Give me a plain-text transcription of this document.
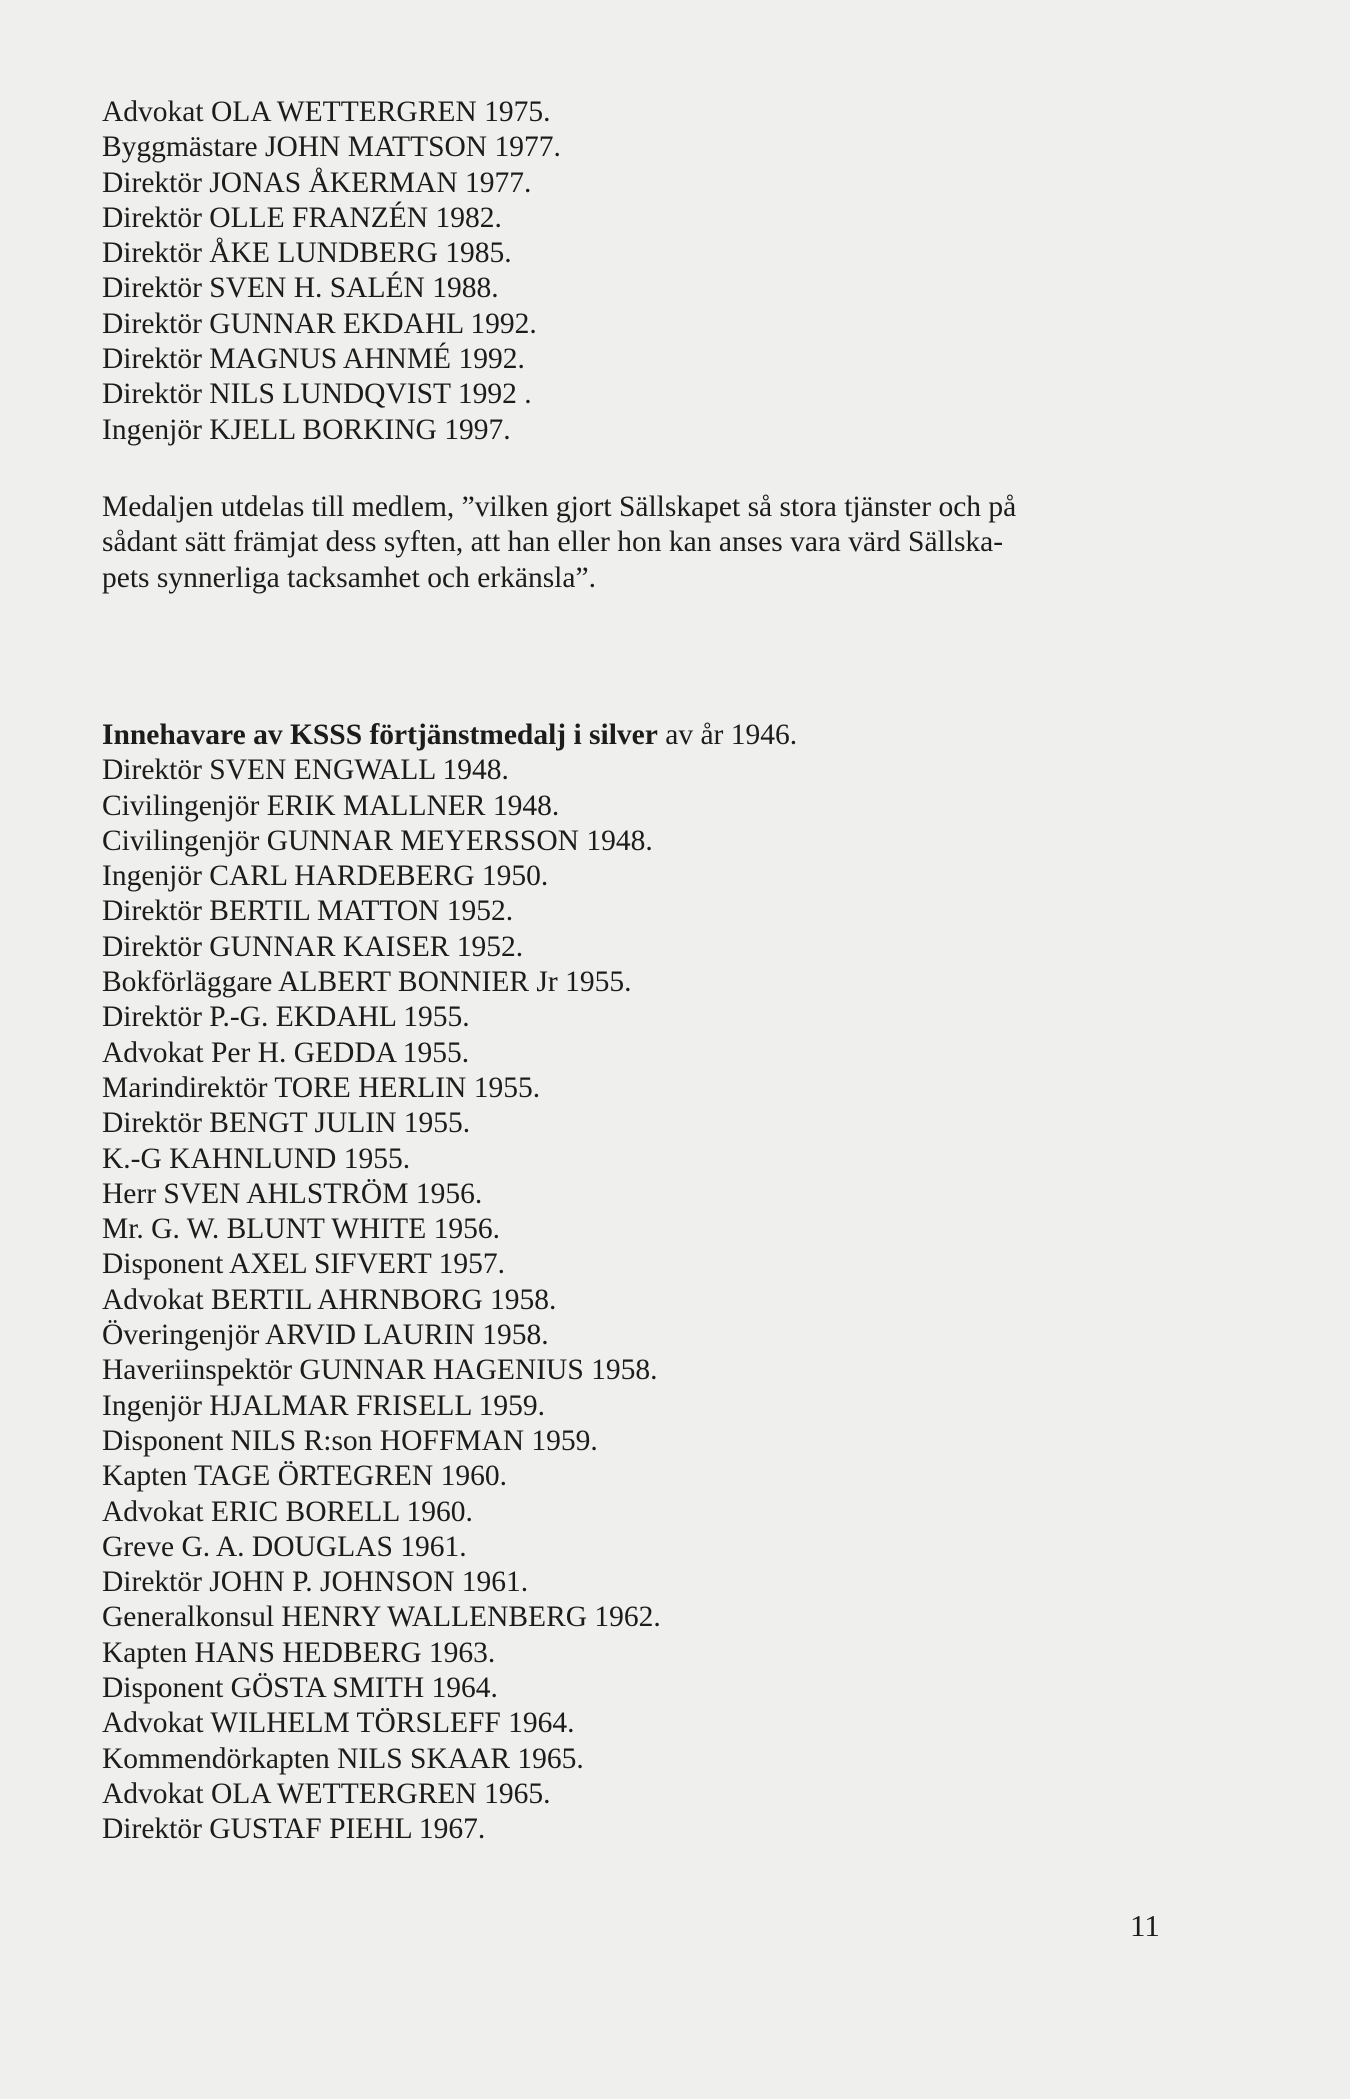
Advokat OLA WETTERGREN 1975.
Byggmästare JOHN MATTSON 1977.
Direktör JONAS ÅKERMAN 1977.
Direktör OLLE FRANZÉN 1982.
Direktör ÅKE LUNDBERG 1985.
Direktör SVEN H. SALÉN 1988.
Direktör GUNNAR EKDAHL 1992.
Direktör MAGNUS AHNMÉ 1992.
Direktör NILS LUNDQVIST 1992 .
Ingenjör KJELL BORKING 1997.
Medaljen utdelas till medlem, ”vilken gjort Sällskapet så stora tjänster och på
sådant sätt främjat dess syften, att han eller hon kan anses vara värd Sällska-
pets synnerliga tacksamhet och erkänsla”.
Innehavare av KSSS förtjänstmedalj i silver av år 1946.
Direktör SVEN ENGWALL 1948.
Civilingenjör ERIK MALLNER 1948.
Civilingenjör GUNNAR MEYERSSON 1948.
Ingenjör CARL HARDEBERG 1950.
Direktör BERTIL MATTON 1952.
Direktör GUNNAR KAISER 1952.
Bokförläggare ALBERT BONNIER Jr 1955.
Direktör P.-G. EKDAHL 1955.
Advokat Per H. GEDDA 1955.
Marindirektör TORE HERLIN 1955.
Direktör BENGT JULIN 1955.
K.-G KAHNLUND 1955.
Herr SVEN AHLSTRÖM 1956.
Mr. G. W. BLUNT WHITE 1956.
Disponent AXEL SIFVERT 1957.
Advokat BERTIL AHRNBORG 1958.
Överingenjör ARVID LAURIN 1958.
Haveriinspektör GUNNAR HAGENIUS 1958.
Ingenjör HJALMAR FRISELL 1959.
Disponent NILS R:son HOFFMAN 1959.
Kapten TAGE ÖRTEGREN 1960.
Advokat ERIC BORELL 1960.
Greve G. A. DOUGLAS 1961.
Direktör JOHN P. JOHNSON 1961.
Generalkonsul HENRY WALLENBERG 1962.
Kapten HANS HEDBERG 1963.
Disponent GÖSTA SMITH 1964.
Advokat WILHELM TÖRSLEFF 1964.
Kommendörkapten NILS SKAAR 1965.
Advokat OLA WETTERGREN 1965.
Direktör GUSTAF PIEHL 1967.
11
